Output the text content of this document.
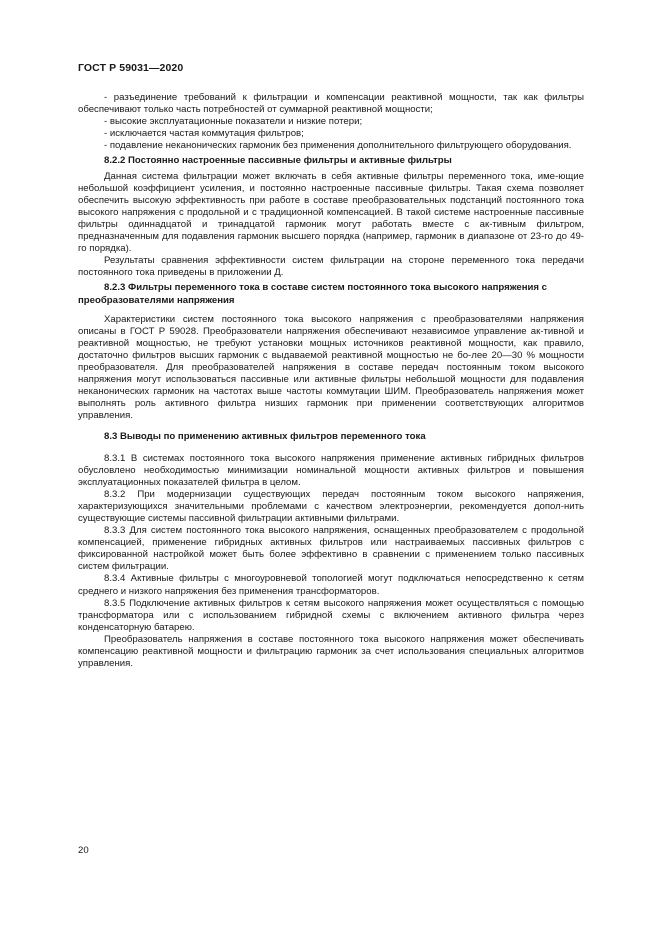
ГОСТ Р 59031—2020

- разъединение требований к фильтрации и компенсации реактивной мощности, так как фильтры обеспечивают только часть потребностей от суммарной реактивной мощности;

- высокие эксплуатационные показатели и низкие потери;

- исключается частая коммутация фильтров;

- подавление неканонических гармоник без применения дополнительного фильтрующего оборудования.

8.2.2 Постоянно настроенные пассивные фильтры и активные фильтры

Данная система фильтрации может включать в себя активные фильтры переменного тока, име-ющие небольшой коэффициент усиления, и постоянно настроенные пассивные фильтры. Такая схема позволяет обеспечить высокую эффективность при работе в составе преобразовательных подстанций постоянного тока высокого напряжения с продольной и с традиционной компенсацией. В такой системе настроенные пассивные фильтры одиннадцатой и тринадцатой гармоник могут работать вместе с ак-тивным фильтром, предназначенным для подавления гармоник высшего порядка (например, гармоник в диапазоне от 23-го до 49-го порядка).

Результаты сравнения эффективности систем фильтрации на стороне переменного тока передачи постоянного тока приведены в приложении Д.

8.2.3 Фильтры переменного тока в составе систем постоянного тока высокого напряжения с преобразователями напряжения

Характеристики систем постоянного тока высокого напряжения с преобразователями напряжения описаны в ГОСТ Р 59028. Преобразователи напряжения обеспечивают независимое управление ак-тивной и реактивной мощностью, не требуют установки мощных источников реактивной мощности, как правило, достаточно фильтров высших гармоник с выдаваемой реактивной мощностью не бо-лее 20—30 % мощности преобразователя. Для преобразователей напряжения в составе передач постоянным током высокого напряжения могут использоваться пассивные или активные фильтры небольшой мощности для подавления неканонических гармоник на частотах выше частоты коммутации ШИМ. Преобразователь напряжения может выполнять роль активного фильтра низших гармоник при применении соответствующих алгоритмов управления.

8.3 Выводы по применению активных фильтров переменного тока

8.3.1 В системах постоянного тока высокого напряжения применение активных гибридных фильтров обусловлено необходимостью минимизации номинальной мощности активных фильтров и повышения эксплуатационных показателей фильтра в целом.

8.3.2 При модернизации существующих передач постоянным током высокого напряжения, характеризующихся значительными проблемами с качеством электроэнергии, рекомендуется допол-нить существующие системы пассивной фильтрации активными фильтрами.

8.3.3 Для систем постоянного тока высокого напряжения, оснащенных преобразователем с продольной компенсацией, применение гибридных активных фильтров или настраиваемых пассивных фильтров с фиксированной настройкой может быть более эффективно в сравнении с применением только пассивных систем фильтрации.

8.3.4 Активные фильтры с многоуровневой топологией могут подключаться непосредственно к сетям среднего и низкого напряжения без применения трансформаторов.

8.3.5 Подключение активных фильтров к сетям высокого напряжения может осуществляться с помощью трансформатора или с использованием гибридной схемы с включением активного фильтра через конденсаторную батарею.

Преобразователь напряжения в составе постоянного тока высокого напряжения может обеспечивать компенсацию реактивной мощности и фильтрацию гармоник за счет использования специальных алгоритмов управления.

20
